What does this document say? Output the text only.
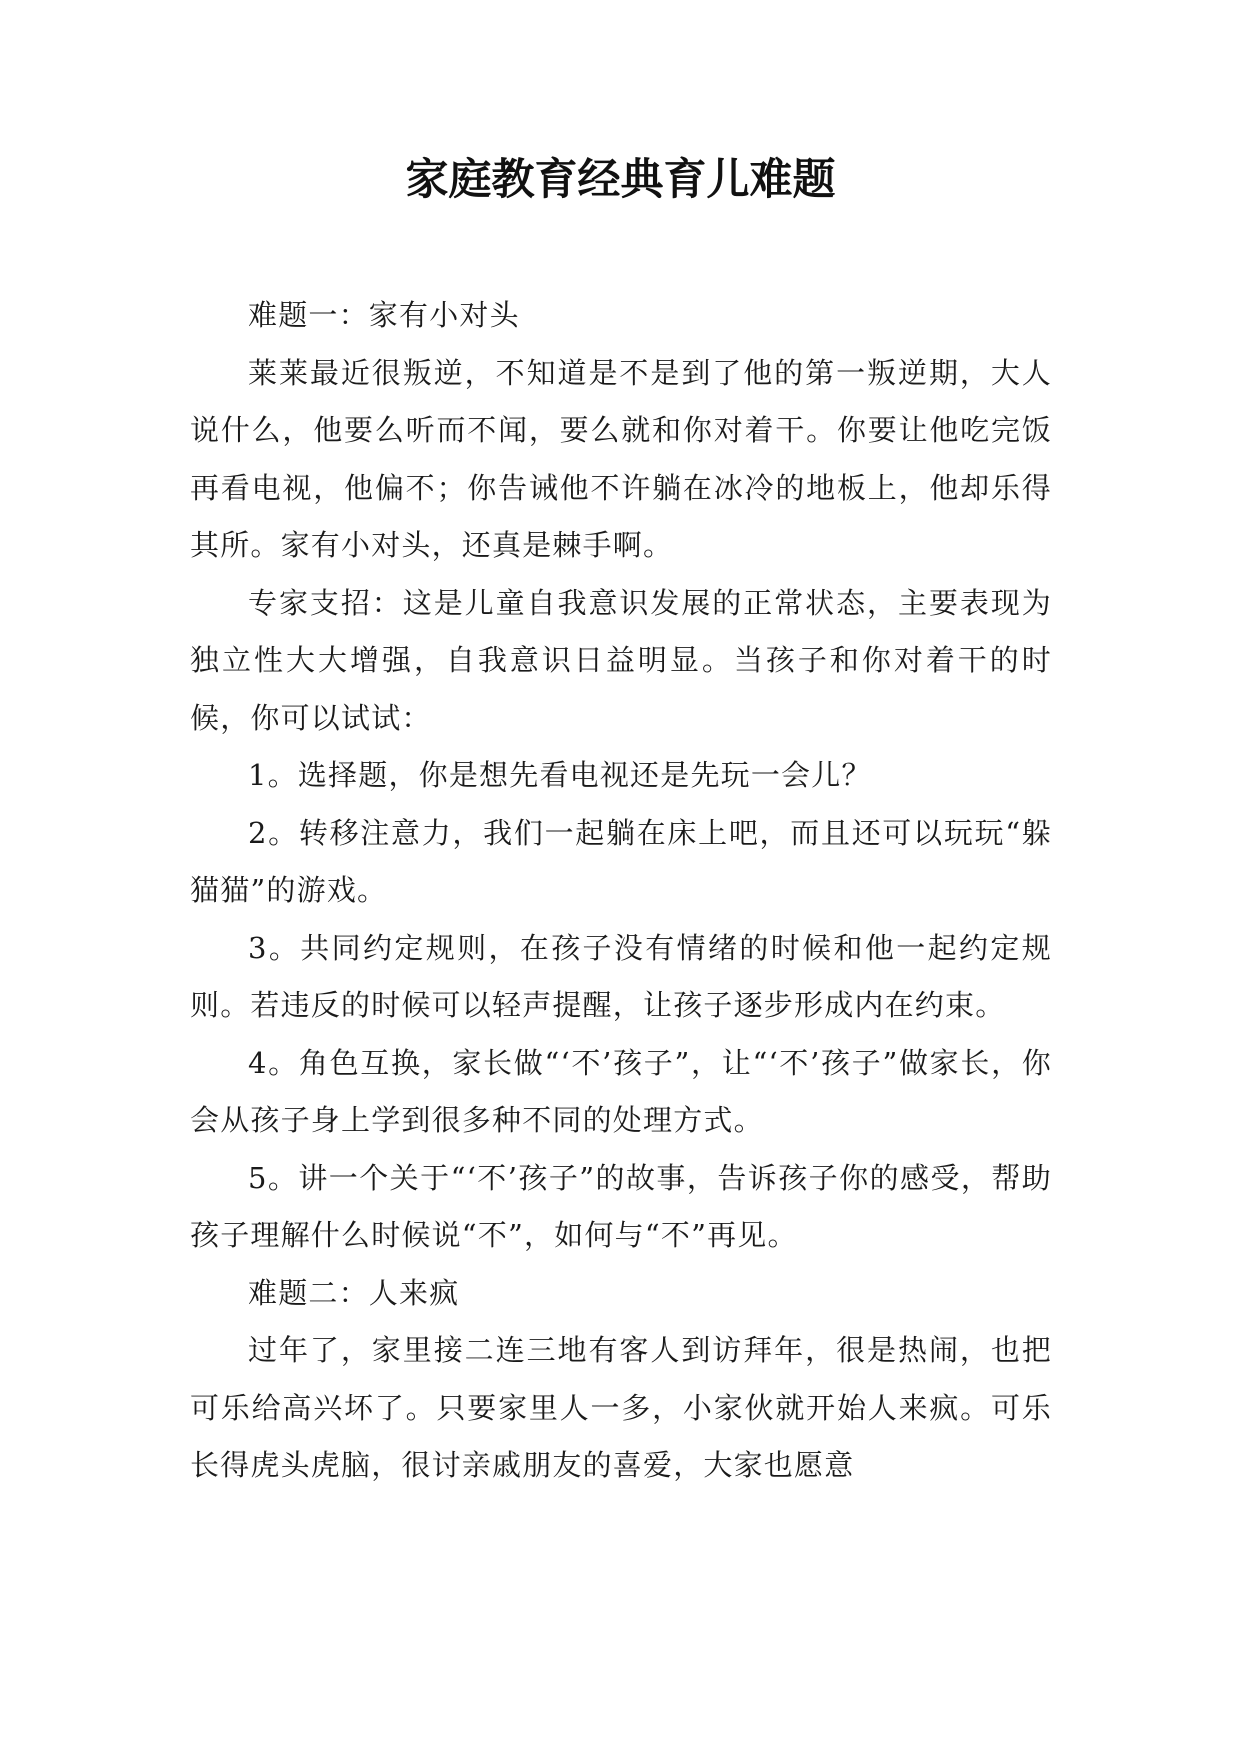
家庭教育经典育儿难题

难题一：家有小对头

莱莱最近很叛逆，不知道是不是到了他的第一叛逆期，大人说什么，他要么听而不闻，要么就和你对着干。你要让他吃完饭再看电视，他偏不；你告诫他不许躺在冰冷的地板上，他却乐得其所。家有小对头，还真是棘手啊。

专家支招：这是儿童自我意识发展的正常状态，主要表现为独立性大大增强，自我意识日益明显。当孩子和你对着干的时候，你可以试试：

1。选择题，你是想先看电视还是先玩一会儿？

2。转移注意力，我们一起躺在床上吧，而且还可以玩玩“躲猫猫”的游戏。

3。共同约定规则，在孩子没有情绪的时候和他一起约定规则。若违反的时候可以轻声提醒，让孩子逐步形成内在约束。

4。角色互换，家长做“‘不’孩子”，让“‘不’孩子”做家长，你会从孩子身上学到很多种不同的处理方式。

5。讲一个关于“‘不’孩子”的故事，告诉孩子你的感受，帮助孩子理解什么时候说“不”，如何与“不”再见。

难题二：人来疯

过年了，家里接二连三地有客人到访拜年，很是热闹，也把可乐给高兴坏了。只要家里人一多，小家伙就开始人来疯。可乐长得虎头虎脑，很讨亲戚朋友的喜爱，大家也愿意
